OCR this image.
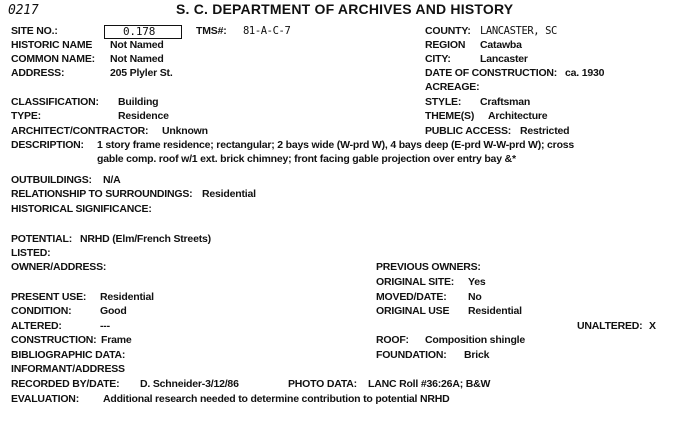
0217	S. C. DEPARTMENT OF ARCHIVES AND HISTORY
SITE NO.:	0.178	TMS#: 81-A-C-7	COUNTY: LANCASTER, SC
HISTORIC NAME Not Named	REGION Catawba
COMMON NAME: Not Named	CITY:	Lancaster
ADDRESS:	205 Plyler St.	DATE OF CONSTRUCTION: ca. 1930
ACREAGE:
CLASSIFICATION: Building	STYLE: Craftsman
TYPE:	Residence	THEME(S) Architecture
ARCHITECT/CONTRACTOR: Unknown	PUBLIC ACCESS: Restricted
DESCRIPTION: 1 story frame residence; rectangular; 2 bays wide (W-prd W), 4 bays deep (E-prd W-W-prd W); cross
gable comp. roof w/1 ext. brick chimney; front facing gable projection over entry bay &*
OUTBUILDINGS: N/A
RELATIONSHIP TO SURROUNDINGS: Residential
HISTORICAL SIGNIFICANCE:
POTENTIAL: NRHD (Elm/French Streets)
LISTED:
OWNER/ADDRESS:	PREVIOUS OWNERS:
ORIGINAL SITE: Yes
PRESENT USE: Residential	MOVED/DATE: No
CONDITION:	Good	ORIGINAL USE Residential
ALTERED:	---	UNALTERED: X
CONSTRUCTION: Frame	ROOF: Composition shingle
BIBLIOGRAPHIC DATA:	FOUNDATION: Brick
INFORMANT/ADDRESS
RECORDED BY/DATE: D. Schneider-3/12/86	PHOTO DATA: LANC Roll #36:26A; B&W
EVALUATION: Additional research needed to determine contribution to potential NRHD
